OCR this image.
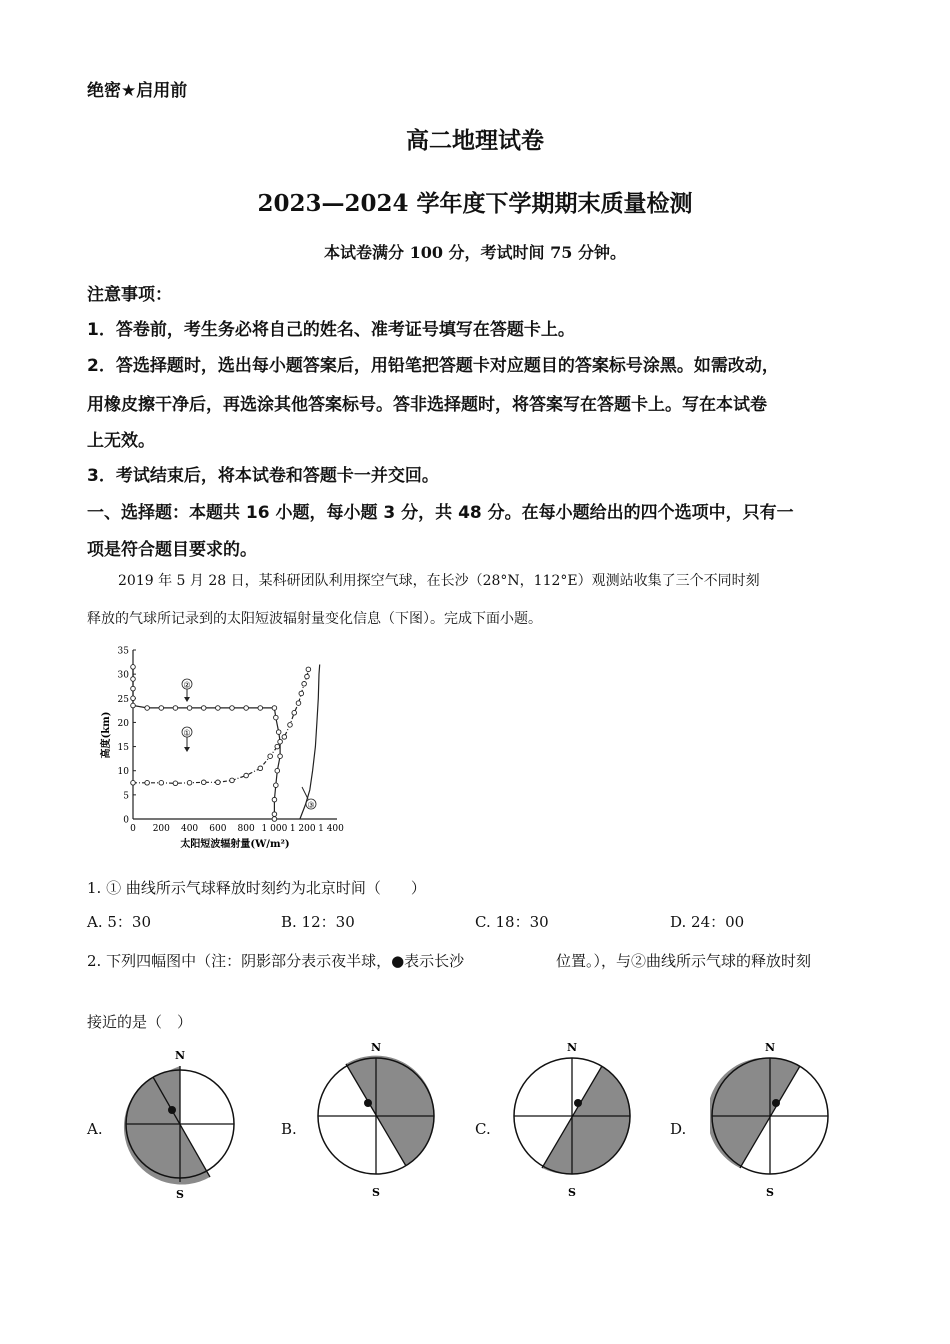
绝密★启用前
高二地理试卷
2023—2024 学年度下学期期末质量检测
本试卷满分 100 分，考试时间 75 分钟。
注意事项：
1．答卷前，考生务必将自己的姓名、准考证号填写在答题卡上。
2．答选择题时，选出每小题答案后，用铅笔把答题卡对应题目的答案标号涂黑。如需改动，
用橡皮擦干净后，再选涂其他答案标号。答非选择题时，将答案写在答题卡上。写在本试卷
上无效。
3．考试结束后，将本试卷和答题卡一并交回。
一、选择题：本题共 16 小题，每小题 3 分，共 48 分。在每小题给出的四个选项中，只有一
项是符合题目要求的。
2019 年 5 月 28 日，某科研团队利用探空气球，在长沙（28°N，112°E）观测站收集了三个不同时刻
释放的气球所记录到的太阳短波辐射量变化信息（下图）。完成下面小题。
0
5
10
15
20
25
30
35
0 200 400 600 800 1 000 1 200 1 400
高度(km)
太阳短波辐射量(W/m²)
①
②
③
1. ① 曲线所示气球释放时刻约为北京时间（　　）
A. 5：30	B. 12：30	C. 18：30	D. 24：00
2. 下列四幅图中（注：阴影部分表示夜半球，●表示长沙	位置。），与②曲线所示气球的释放时刻
接近的是（　）
A.
N
S
B.
N
S
C.
N
S
D.
N
S
